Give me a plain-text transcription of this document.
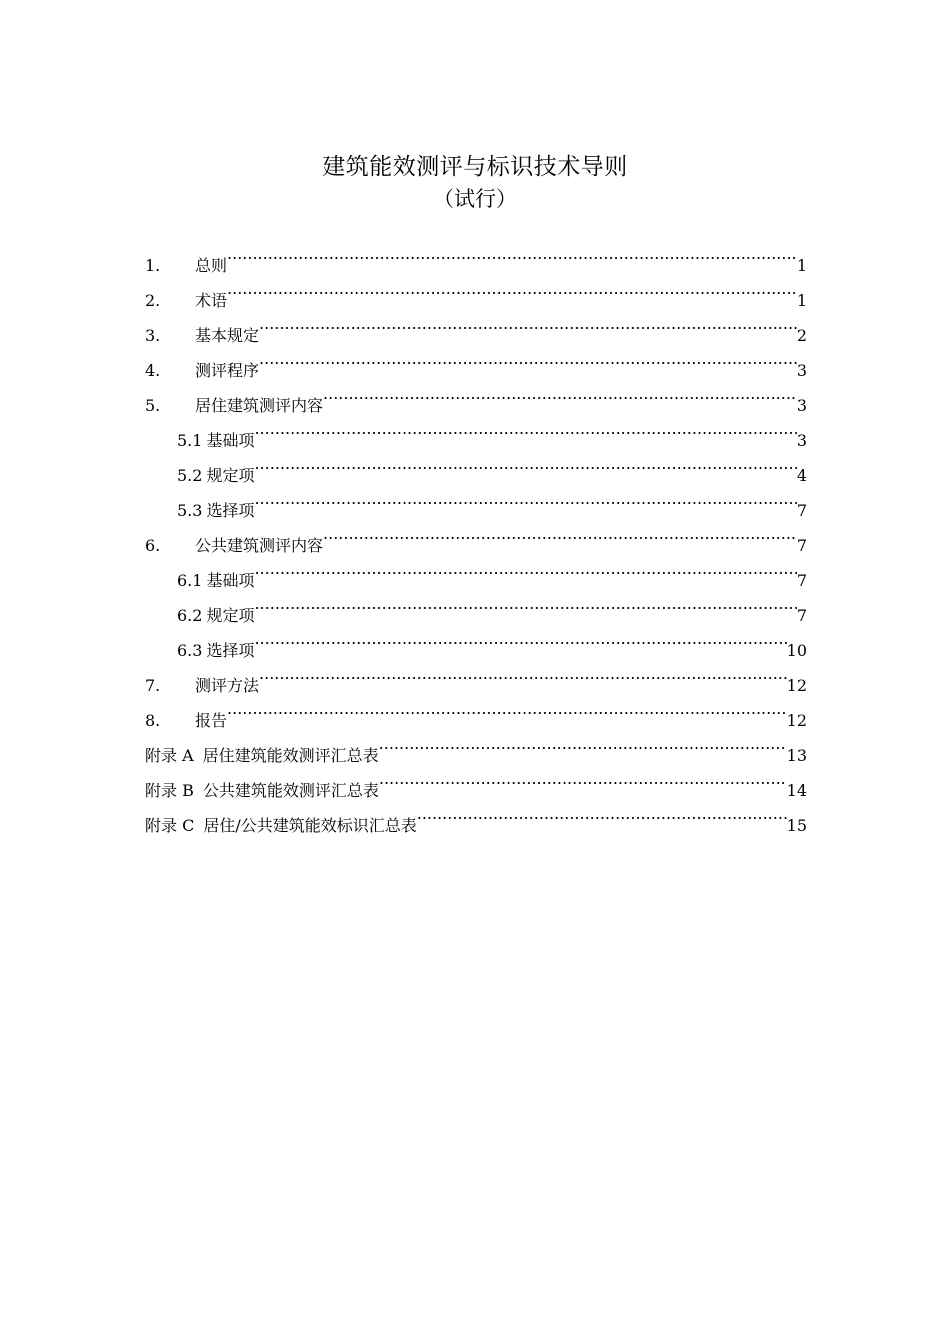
建筑能效测评与标识技术导则
（试行）
1.	总则 .....	1
2.	术语 .....	1
3.	基本规定 .....	2
4.	测评程序 .....	3
5.	居住建筑测评内容 .....	3
5.1 基础项 .....	3
5.2 规定项 .....	4
5.3 选择项 .....	7
6.	公共建筑测评内容 .....	7
6.1 基础项 .....	7
6.2 规定项 .....	7
6.3 选择项 .....	10
7.	测评方法 .....	12
8.	报告 .....	12
附录 A 居住建筑能效测评汇总表 .....	13
附录 B 公共建筑能效测评汇总表 .....	14
附录 C 居住/公共建筑能效标识汇总表 .....	15
